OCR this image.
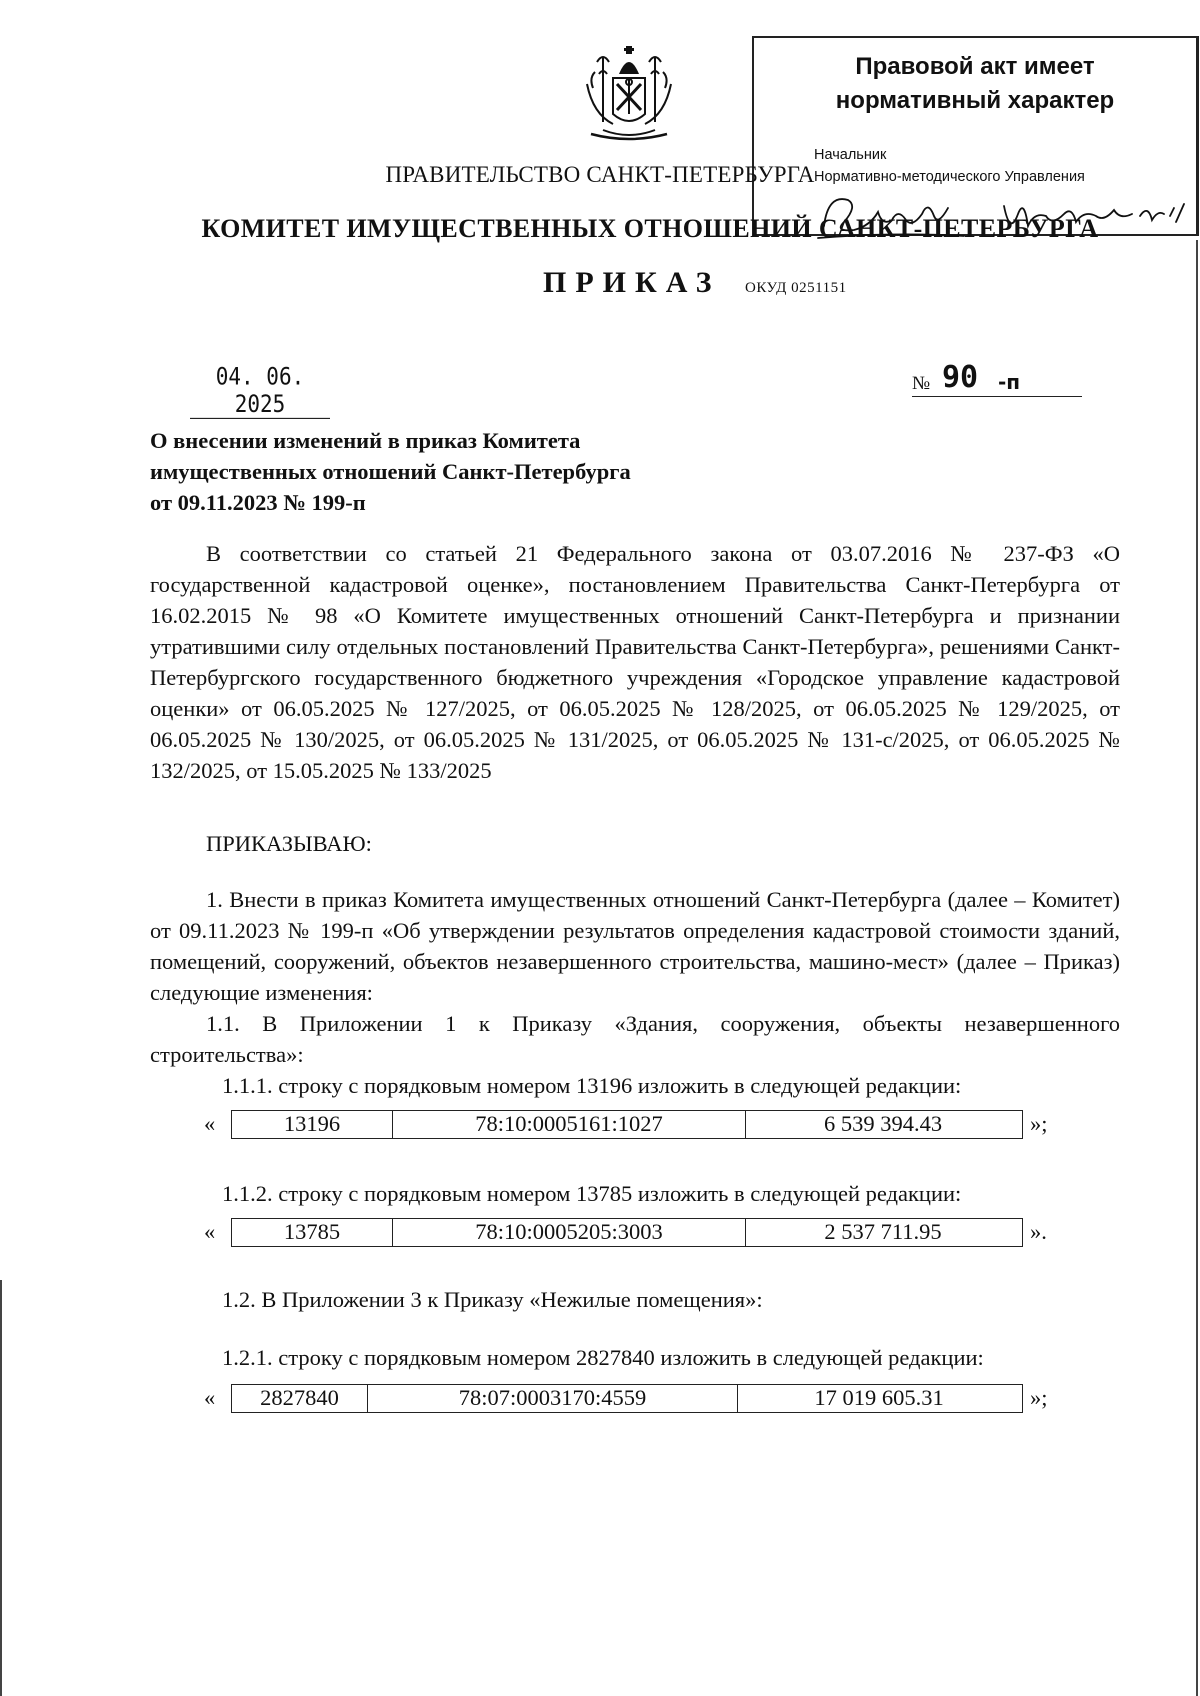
Правовой акт имеет
нормативный характер
Начальник
Нормативно-методического Управления
Гусева Е.К.
ПРАВИТЕЛЬСТВО САНКТ-ПЕТЕРБУРГА
КОМИТЕТ ИМУЩЕСТВЕННЫХ ОТНОШЕНИЙ САНКТ-ПЕТЕРБУРГА
ПРИКАЗ ОКУД 0251151
04. 06. 2025
№ 90 -п
О внесении изменений в приказ Комитета
имущественных отношений Санкт-Петербурга
от 09.11.2023 № 199-п
В соответствии со статьей 21 Федерального закона от 03.07.2016 № 237-ФЗ «О государственной кадастровой оценке», постановлением Правительства Санкт-Петербурга от 16.02.2015 № 98 «О Комитете имущественных отношений Санкт-Петербурга и признании утратившими силу отдельных постановлений Правительства Санкт-Петербурга», решениями Санкт-Петербургского государственного бюджетного учреждения «Городское управление кадастровой оценки» от 06.05.2025 № 127/2025, от 06.05.2025 № 128/2025, от 06.05.2025 № 129/2025, от 06.05.2025 № 130/2025, от 06.05.2025 № 131/2025, от 06.05.2025 № 131-с/2025, от 06.05.2025 № 132/2025, от 15.05.2025 № 133/2025
ПРИКАЗЫВАЮ:
1. Внести в приказ Комитета имущественных отношений Санкт-Петербурга (далее – Комитет) от 09.11.2023 № 199-п «Об утверждении результатов определения кадастровой стоимости зданий, помещений, сооружений, объектов незавершенного строительства, машино-мест» (далее – Приказ) следующие изменения:
1.1. В Приложении 1 к Приказу «Здания, сооружения, объекты незавершенного строительства»:
1.1.1. строку с порядковым номером 13196 изложить в следующей редакции:
«	13196	78:10:0005161:1027	6 539 394.43	»;
1.1.2. строку с порядковым номером 13785 изложить в следующей редакции:
«	13785	78:10:0005205:3003	2 537 711.95	».
1.2. В Приложении 3 к Приказу «Нежилые помещения»:
1.2.1. строку с порядковым номером 2827840 изложить в следующей редакции:
«	2827840	78:07:0003170:4559	17 019 605.31	»;
